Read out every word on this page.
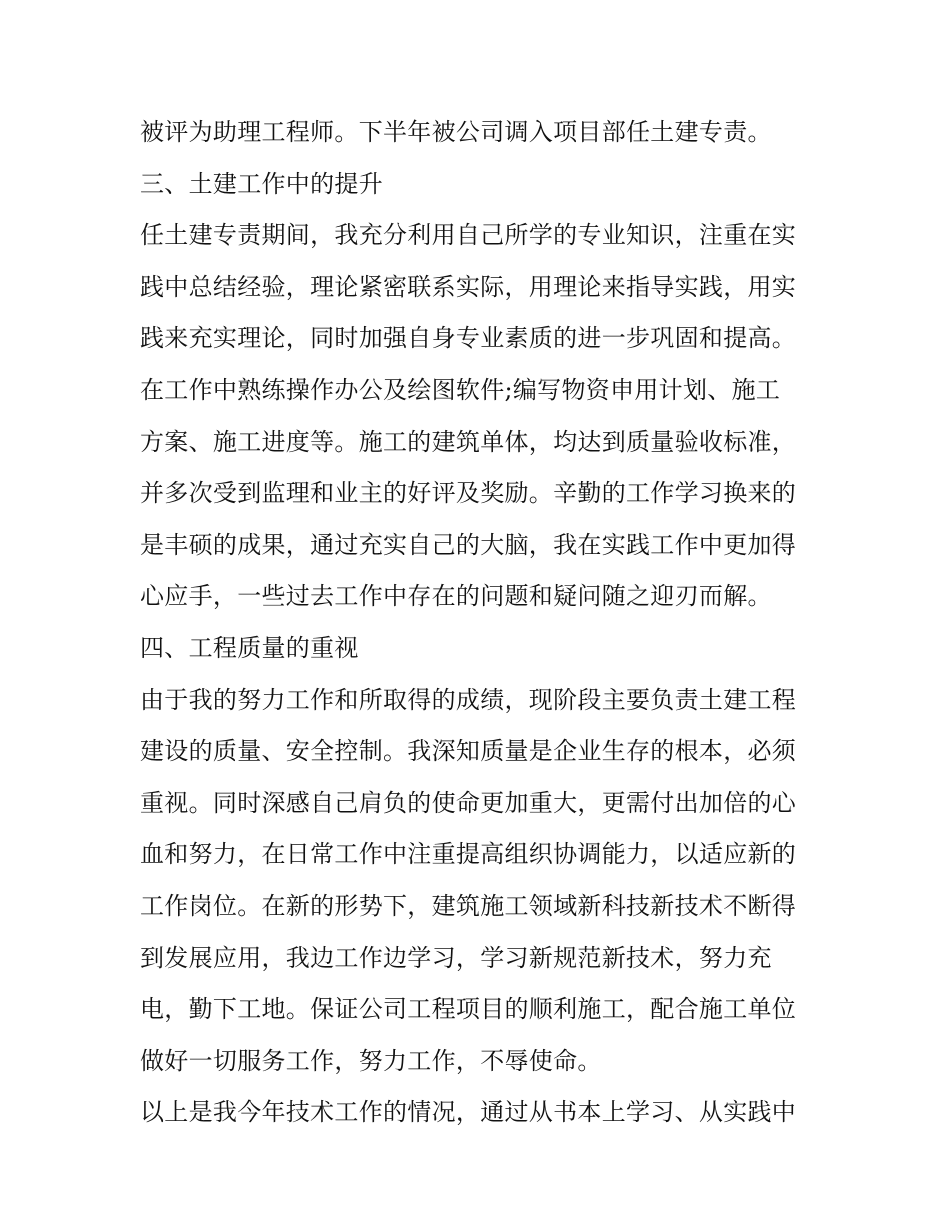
被评为助理工程师。下半年被公司调入项目部任土建专责。
三、土建工作中的提升
任土建专责期间，我充分利用自己所学的专业知识，注重在实
践中总结经验，理论紧密联系实际，用理论来指导实践，用实
践来充实理论，同时加强自身专业素质的进一步巩固和提高。
在工作中熟练操作办公及绘图软件;编写物资申用计划、施工
方案、施工进度等。施工的建筑单体，均达到质量验收标准，
并多次受到监理和业主的好评及奖励。辛勤的工作学习换来的
是丰硕的成果，通过充实自己的大脑，我在实践工作中更加得
心应手，一些过去工作中存在的问题和疑问随之迎刃而解。
四、工程质量的重视
由于我的努力工作和所取得的成绩，现阶段主要负责土建工程
建设的质量、安全控制。我深知质量是企业生存的根本，必须
重视。同时深感自己肩负的使命更加重大，更需付出加倍的心
血和努力，在日常工作中注重提高组织协调能力，以适应新的
工作岗位。在新的形势下，建筑施工领域新科技新技术不断得
到发展应用，我边工作边学习，学习新规范新技术，努力充
电，勤下工地。保证公司工程项目的顺利施工，配合施工单位
做好一切服务工作，努力工作，不辱使命。
以上是我今年技术工作的情况，通过从书本上学习、从实践中
